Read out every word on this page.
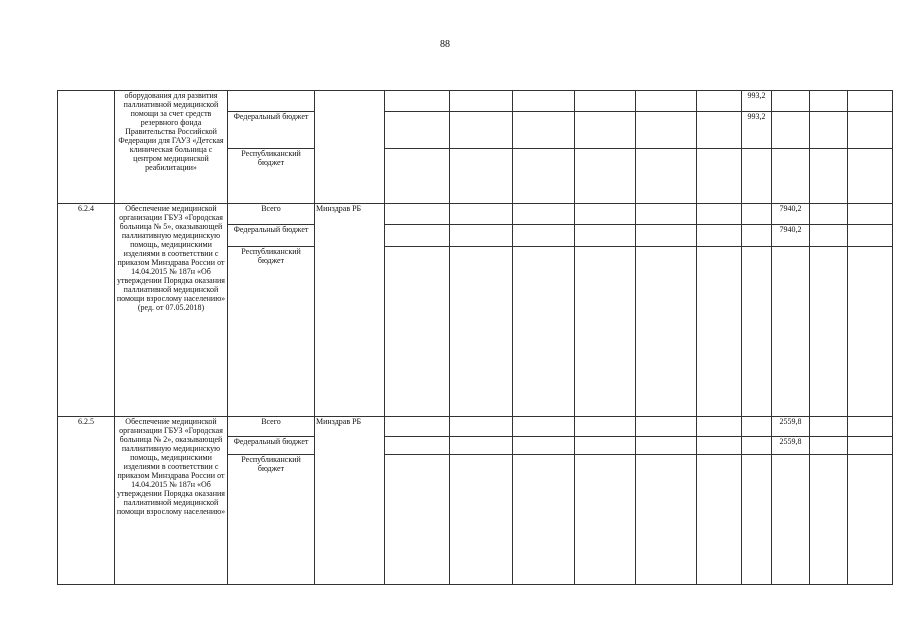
88
	оборудования для развития паллиативной медицинской помощи за счет средств резервного фонда Правительства Российской Федерации для ГАУЗ «Детская клиническая больница с центром медицинской реабилитации»									993,2			
		Федеральный бюджет								993,2			
		Республиканский бюджет											
6.2.4	Обеспечение медицинской организации ГБУЗ «Городская больница № 5», оказывающей паллиативную медицинскую помощь, медицинскими изделиями в соответствии с приказом Минздрава России от 14.04.2015 № 187н «Об утверждении Порядка оказания паллиативной медицинской помощи взрослому населению» (ред. от 07.05.2018)	Всего	Минздрав РБ								7940,2		
		Федеральный бюджет									7940,2		
		Республиканский бюджет											
6.2.5	Обеспечение медицинской организации ГБУЗ «Городская больница № 2», оказывающей паллиативную медицинскую помощь, медицинскими изделиями в соответствии с приказом Минздрава России от 14.04.2015 № 187н «Об утверждении Порядка оказания паллиативной медицинской помощи взрослому населению»	Всего	Минздрав РБ								2559,8		
		Федеральный бюджет									2559,8		
		Республиканский бюджет											
